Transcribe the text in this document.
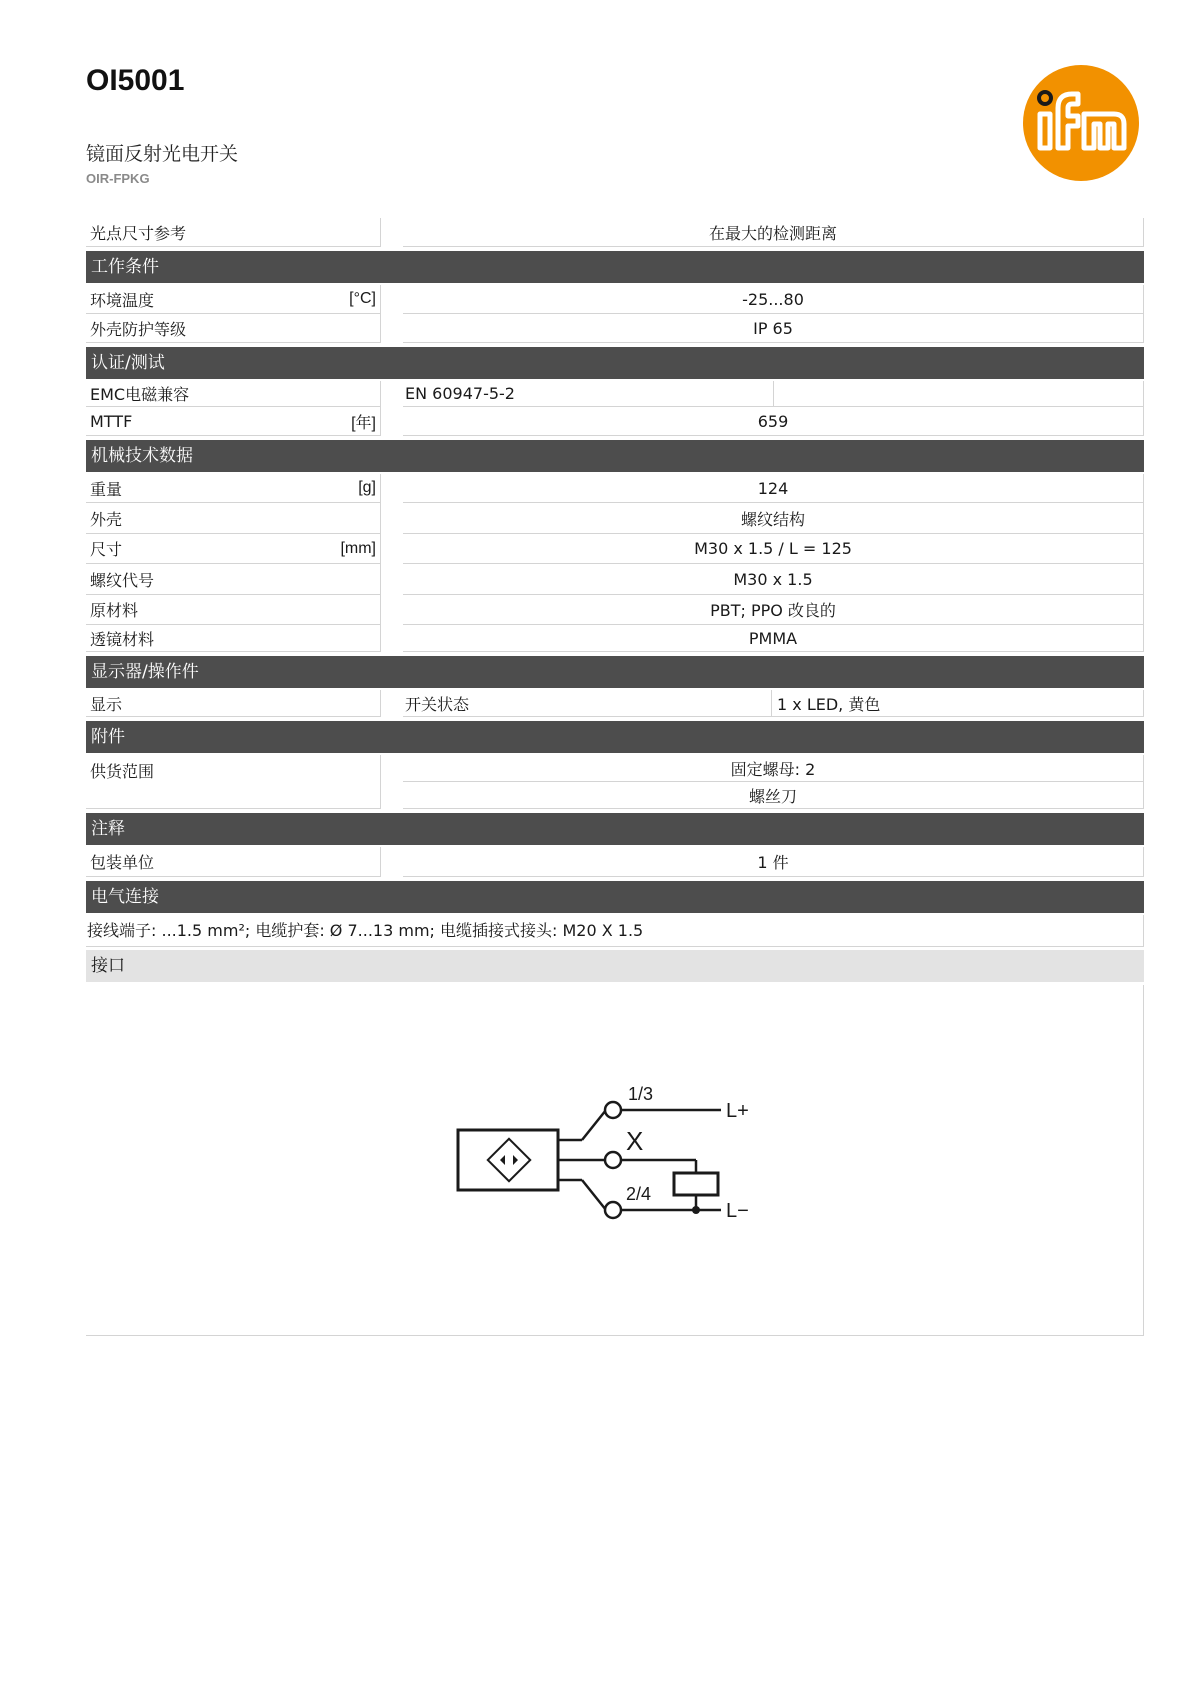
OI5001
镜面反射光电开关
OIR-FPKG
光点尺寸参考	在最大的检测距离
工作条件
环境温度	[°C]	-25...80
外壳防护等级	IP 65
认证/测试
EMC电磁兼容	EN 60947-5-2
MTTF	[年]	659
机械技术数据
重量	[g]	124
外壳	螺纹结构
尺寸	[mm]	M30 x 1.5 / L = 125
螺纹代号	M30 x 1.5
原材料	PBT; PPO 改良的
透镜材料	PMMA
显示器/操作件
显示	开关状态	1 x LED, 黄色
附件
供货范围	固定螺母: 2
螺丝刀
注释
包装单位	1 件
电气连接
接线端子: ...1.5 mm²; 电缆护套: Ø 7...13 mm; 电缆插接式接头: M20 X 1.5
接口
1/3
X
2/4
L+
L−
